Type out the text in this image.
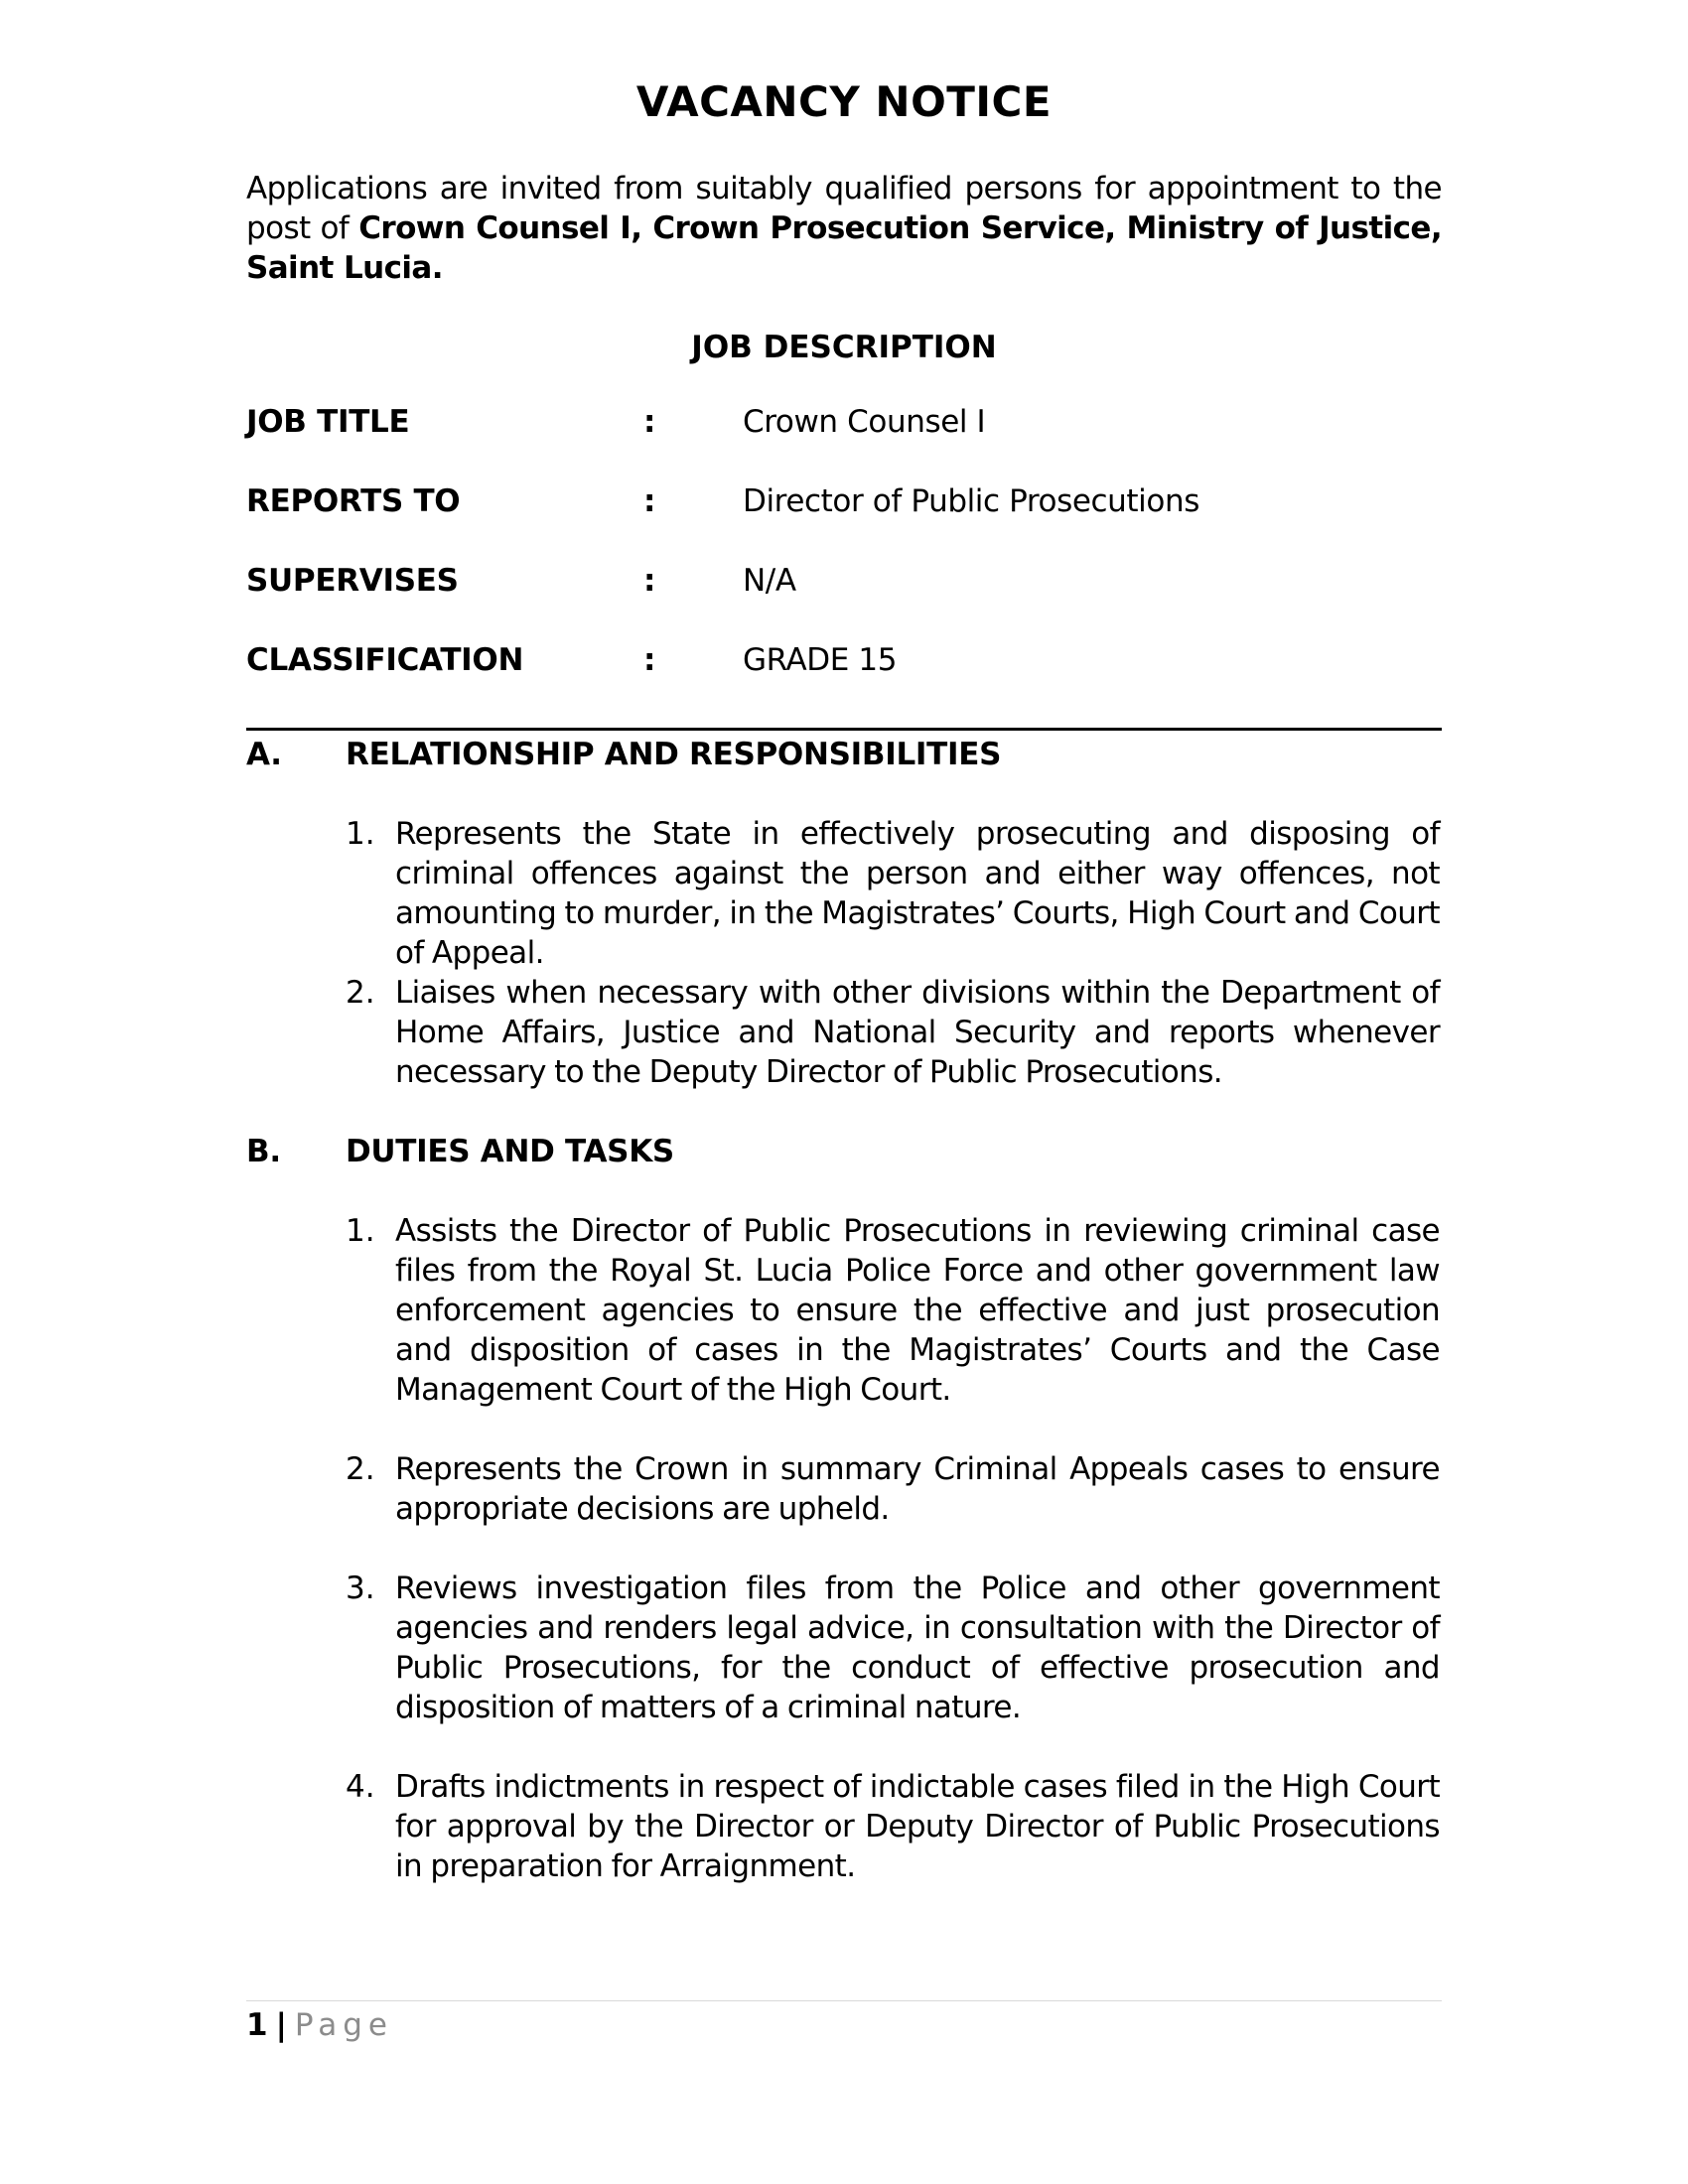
VACANCY NOTICE
Applications are invited from suitably qualified persons for appointment to the post of Crown Counsel I, Crown Prosecution Service, Ministry of Justice, Saint Lucia.
JOB DESCRIPTION
JOB TITLE	:	Crown Counsel I
REPORTS TO	:	Director of Public Prosecutions
SUPERVISES	:	N/A
CLASSIFICATION	:	GRADE 15
A. RELATIONSHIP AND RESPONSIBILITIES
1. Represents the State in effectively prosecuting and disposing of criminal offences against the person and either way offences, not amounting to murder, in the Magistrates’ Courts, High Court and Court of Appeal.
2. Liaises when necessary with other divisions within the Department of Home Affairs, Justice and National Security and reports whenever necessary to the Deputy Director of Public Prosecutions.
B. DUTIES AND TASKS
1. Assists the Director of Public Prosecutions in reviewing criminal case files from the Royal St. Lucia Police Force and other government law enforcement agencies to ensure the effective and just prosecution and disposition of cases in the Magistrates’ Courts and the Case Management Court of the High Court.
2. Represents the Crown in summary Criminal Appeals cases to ensure appropriate decisions are upheld.
3. Reviews investigation files from the Police and other government agencies and renders legal advice, in consultation with the Director of Public Prosecutions, for the conduct of effective prosecution and disposition of matters of a criminal nature.
4. Drafts indictments in respect of indictable cases filed in the High Court for approval by the Director or Deputy Director of Public Prosecutions in preparation for Arraignment.
1 | Page
